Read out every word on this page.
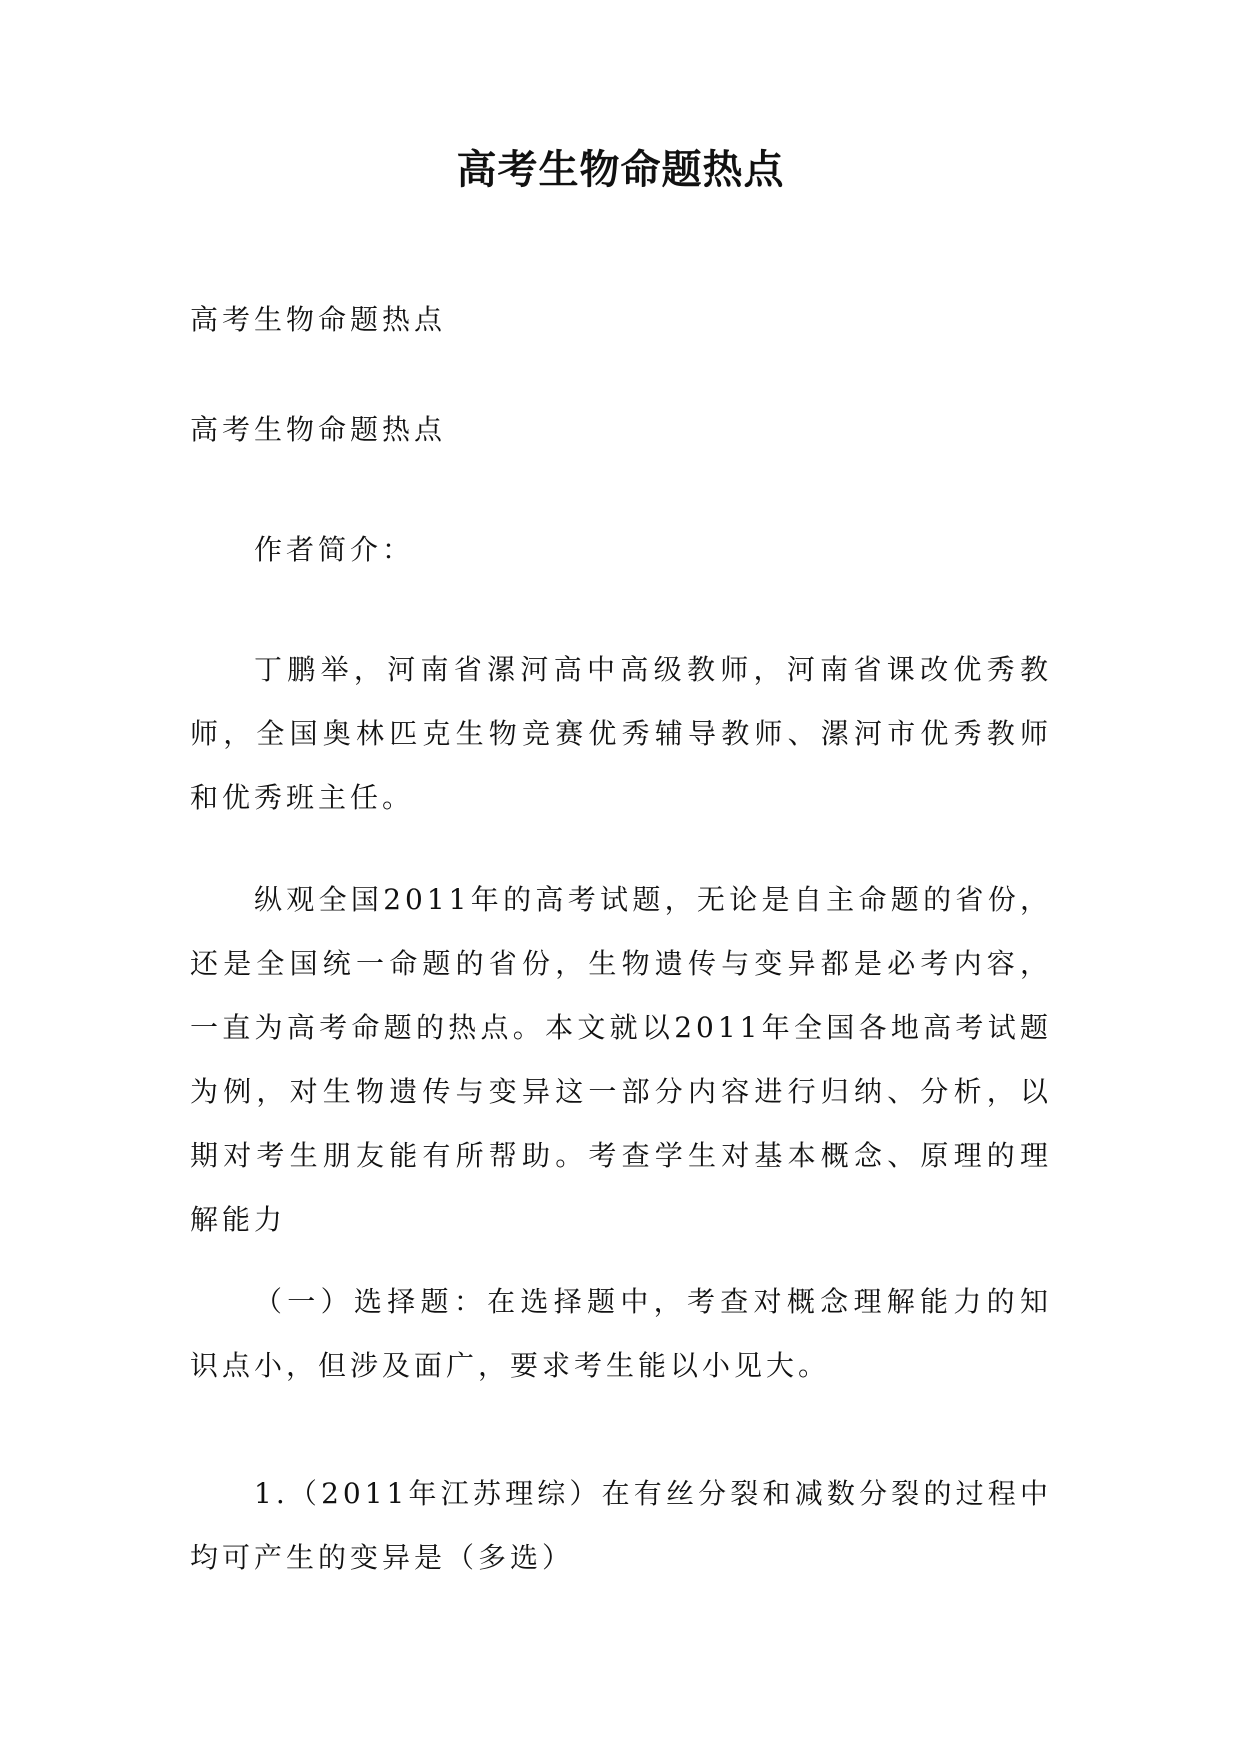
高考生物命题热点

高考生物命题热点

高考生物命题热点

作者简介：

丁鹏举，河南省漯河高中高级教师，河南省课改优秀教师，全国奥林匹克生物竞赛优秀辅导教师、漯河市优秀教师和优秀班主任。

纵观全国2011年的高考试题，无论是自主命题的省份，还是全国统一命题的省份，生物遗传与变异都是必考内容，一直为高考命题的热点。本文就以2011年全国各地高考试题为例，对生物遗传与变异这一部分内容进行归纳、分析，以期对考生朋友能有所帮助。考查学生对基本概念、原理的理解能力

（一）选择题：在选择题中，考查对概念理解能力的知识点小，但涉及面广，要求考生能以小见大。

1.（2011年江苏理综）在有丝分裂和减数分裂的过程中均可产生的变异是（多选）
